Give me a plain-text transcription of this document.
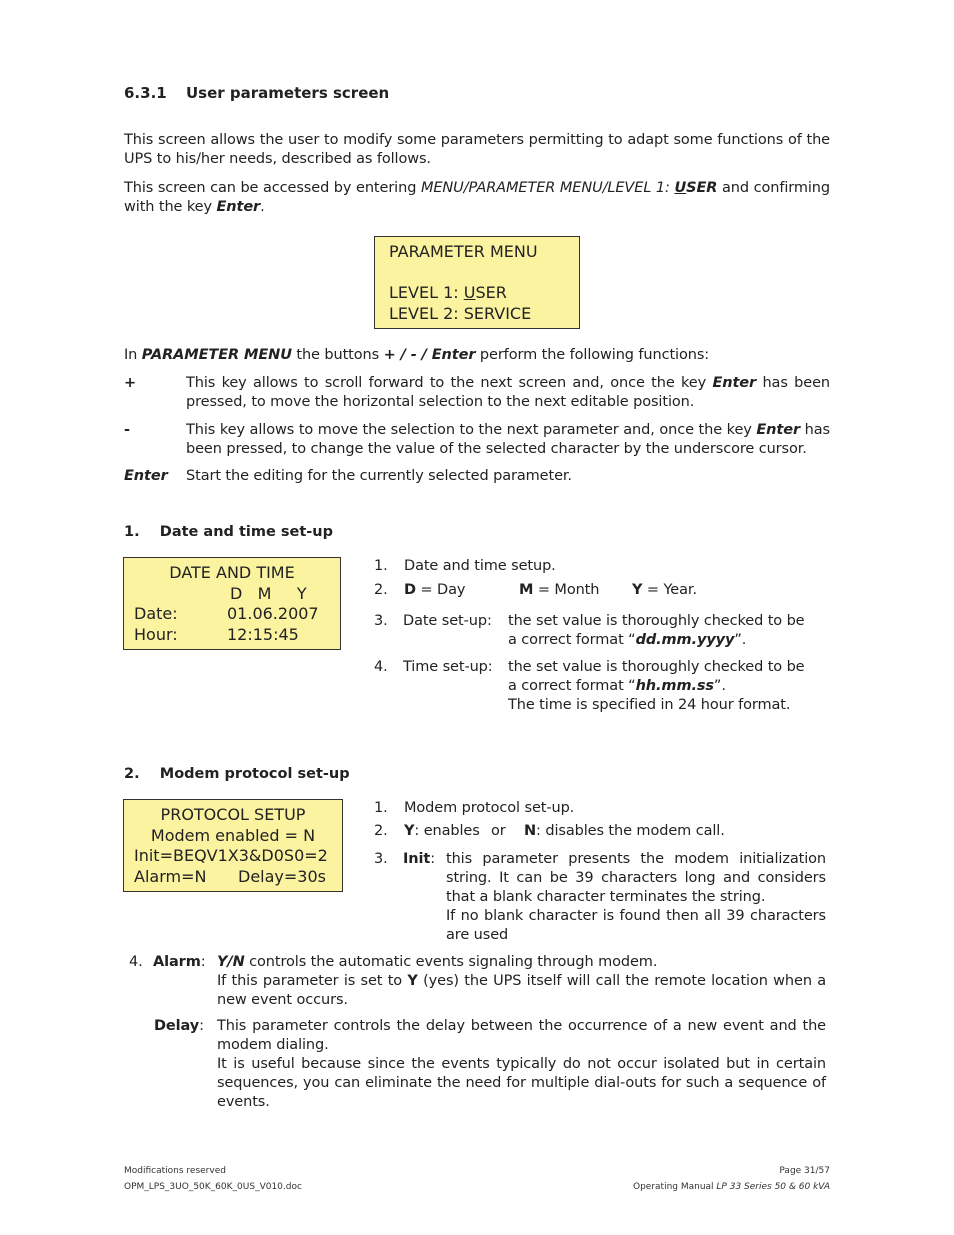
6.3.1 User parameters screen
This screen allows the user to modify some parameters permitting to adapt some functions of the UPS to his/her needs, described as follows.
This screen can be accessed by entering MENU/PARAMETER MENU/LEVEL 1: USER and confirming with the key Enter.
PARAMETER MENU
LEVEL 1: USER
LEVEL 2: SERVICE
In PARAMETER MENU the buttons + / - / Enter perform the following functions:
+	This key allows to scroll forward to the next screen and, once the key Enter has been pressed, to move the horizontal selection to the next editable position.
-	This key allows to move the selection to the next parameter and, once the key Enter has been pressed, to change the value of the selected character by the underscore cursor.
Enter Start the editing for the currently selected parameter.
1.    Date and time set-up
DATE AND TIME
D   M     Y
Date:	01.06.2007
Hour:	12:15:45
1. Date and time setup.
2. D = Day	M = Month Y = Year.
3. Date set-up: the set value is thoroughly checked to be a correct format “dd.mm.yyyy”.
4. Time set-up: the set value is thoroughly checked to be a correct format “hh.mm.ss”.
The time is specified in 24 hour format.
2.    Modem protocol set-up
PROTOCOL SETUP
Modem enabled = N
Init=BEQV1X3&D0S0=2
Alarm=N Delay=30s
1. Modem protocol set-up.
2. Y: enables or N: disables the modem call.
3. Init: this parameter presents the modem initialization string. It can be 39 characters long and considers that a blank character terminates the string.
If no blank character is found then all 39 characters are used
4. Alarm: Y/N controls the automatic events signaling through modem.
If this parameter is set to Y (yes) the UPS itself will call the remote location when a new event occurs.
Delay: This parameter controls the delay between the occurrence of a new event and the modem dialing.
It is useful because since the events typically do not occur isolated but in certain sequences, you can eliminate the need for multiple dial-outs for such a sequence of events.
Modifications reserved
OPM_LPS_3UO_50K_60K_0US_V010.doc
Page 31/57
Operating Manual LP 33 Series 50 & 60 kVA
